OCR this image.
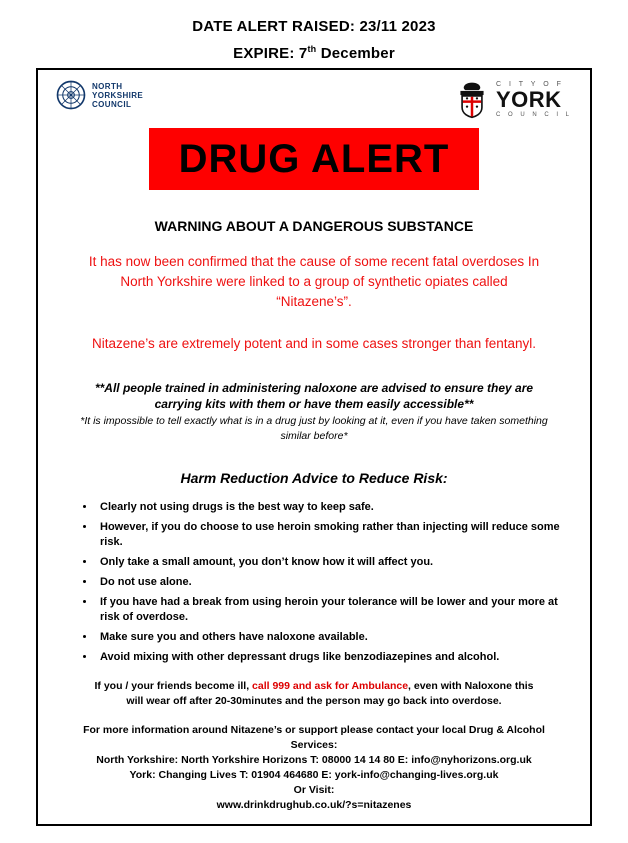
DATE ALERT RAISED: 23/11 2023
EXPIRE: 7th December
NORTH
YORKSHIRE
COUNCIL
C I T Y O F
YORK
C O U N C I L
DRUG ALERT
WARNING ABOUT A DANGEROUS SUBSTANCE
It has now been confirmed that the cause of some recent fatal overdoses In North Yorkshire were linked to a group of synthetic opiates called “Nitazene’s”.
Nitazene’s are extremely potent and in some cases stronger than fentanyl.
**All people trained in administering naloxone are advised to ensure they are carrying kits with them or have them easily accessible**
*It is impossible to tell exactly what is in a drug just by looking at it, even if you have taken something similar before*
Harm Reduction Advice to Reduce Risk:
• Clearly not using drugs is the best way to keep safe.
• However, if you do choose to use heroin smoking rather than injecting will reduce some risk.
• Only take a small amount, you don’t know how it will affect you.
• Do not use alone.
• If you have had a break from using heroin your tolerance will be lower and your more at risk of overdose.
• Make sure you and others have naloxone available.
• Avoid mixing with other depressant drugs like benzodiazepines and alcohol.
If you / your friends become ill, call 999 and ask for Ambulance, even with Naloxone this will wear off after 20-30minutes and the person may go back into overdose.
For more information around Nitazene’s or support please contact your local Drug & Alcohol Services:
North Yorkshire: North Yorkshire Horizons T: 08000 14 14 80 E: info@nyhorizons.org.uk
York: Changing Lives T: 01904 464680 E: york-info@changing-lives.org.uk
Or Visit:
www.drinkdrughub.co.uk/?s=nitazenes
